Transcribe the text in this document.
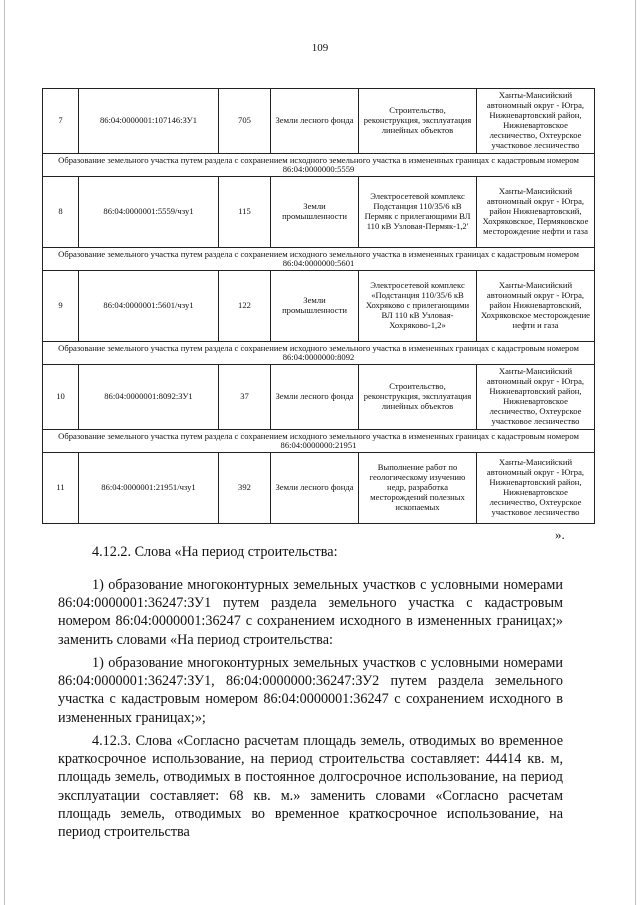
109
7	86:04:0000001:107146:ЗУ1	705	Земли лесного фонда	Строительство, реконструкция, эксплуатация линейных объектов	Ханты-Мансийский автономный округ - Югра, Нижневартовский район, Нижневартовское лесничество, Охтеурское участковое лесничество
Образование земельного участка путем раздела с сохранением исходного земельного участка в измененных границах с кадастровым номером 86:04:0000000:5559					
8	86:04:0000001:5559/чзу1	115	Земли промышленности	Электросетевой комплекс Подстанция 110/35/6 кВ Пермяк с прилегающими ВЛ 110 кВ Узловая-Пермяк-1,2'	Ханты-Мансийский автономный округ - Югра, район Нижневартовский, Хохряковское, Пермяковское месторождение нефти и газа
Образование земельного участка путем раздела с сохранением исходного земельного участка в измененных границах с кадастровым номером 86:04:0000000:5601					
9	86:04:0000001:5601/чзу1	122	Земли промышленности	Электросетевой комплекс «Подстанция 110/35/6 кВ Хохряково с прилегающими ВЛ 110 кВ Узловая-Хохряково-1,2»	Ханты-Мансийский автономный округ - Югра, район Нижневартовский, Хохряковское месторождение нефти и газа
Образование земельного участка путем раздела с сохранением исходного земельного участка в измененных границах с кадастровым номером 86:04:0000000:8092					
10	86:04:0000001:8092:ЗУ1	37	Земли лесного фонда	Строительство, реконструкция, эксплуатация линейных объектов	Ханты-Мансийский автономный округ - Югра, Нижневартовский район, Нижневартовское лесничество, Охтеурское участковое лесничество
Образование земельного участка путем раздела с сохранением исходного земельного участка в измененных границах с кадастровым номером 86:04:0000000:21951					
11	86:04:0000001:21951/чзу1	392	Земли лесного фонда	Выполнение работ по геологическому изучению недр, разработка месторождений полезных ископаемых	Ханты-Мансийский автономный округ - Югра, Нижневартовский район, Нижневартовское лесничество, Охтеурское участковое лесничество
».
4.12.2. Слова «На период строительства:

1) образование многоконтурных земельных участков с условными номерами 86:04:0000001:36247:ЗУ1 путем раздела земельного участка с кадастровым номером 86:04:0000001:36247 с сохранением исходного в измененных границах;» заменить словами «На период строительства:

1) образование многоконтурных земельных участков с условными номерами 86:04:0000001:36247:ЗУ1, 86:04:0000000:36247:ЗУ2 путем раздела земельного участка с кадастровым номером 86:04:0000001:36247 с сохранением исходного в измененных границах;»;

4.12.3. Слова «Согласно расчетам площадь земель, отводимых во временное краткосрочное использование, на период строительства составляет: 44414 кв. м, площадь земель, отводимых в постоянное долгосрочное использование, на период эксплуатации составляет: 68 кв. м.» заменить словами «Согласно расчетам площадь земель, отводимых во временное краткосрочное использование, на период строительства
